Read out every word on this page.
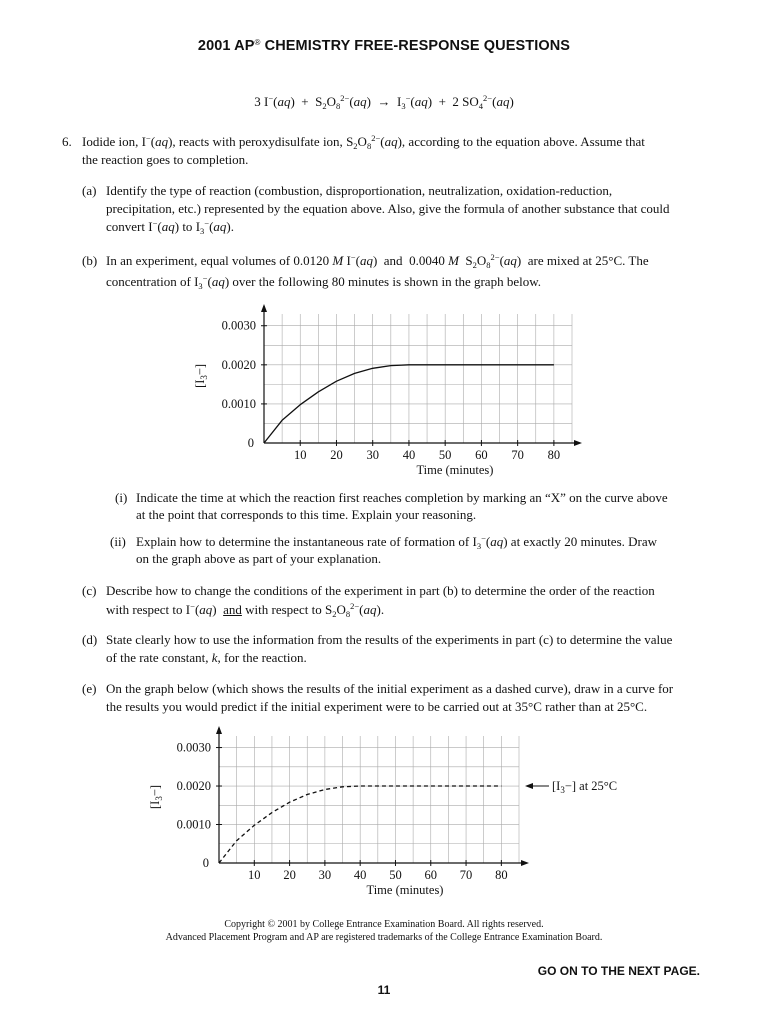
2001 AP® CHEMISTRY FREE-RESPONSE QUESTIONS
3 $I^-(aq) + S_2O_8^{2-}(aq) \to I_3^-(aq) + 2$ $SO_4^{2-}(aq)$
6. Iodide ion, I−(aq), reacts with peroxydisulfate ion, $S_2O_8^{2-}(aq)$, according to the equation above. Assume that
the reaction goes to completion.
(a) Identify the type of reaction (combustion, disproportionation, neutralization, oxidation-reduction,
precipitation, etc.) represented by the equation above. Also, give the formula of another substance that could
convert I−(aq) to $I_3^-(aq)$.
(b) In an experiment, equal volumes of 0.0120 M I−(aq)  and 0.0040 M $S_2O_8^{2-}(aq)$  are mixed at 25°C. The
concentration of $I_3^-(aq)$ over the following 80 minutes is shown in the graph below.
10 20 30 40 50 60 70 80
0.0010
0.0020
0.0030
0
Time (minutes)
$[I_3-]$
(i) Indicate the time at which the reaction first reaches completion by marking an “X” on the curve above
at the point that corresponds to this time. Explain your reasoning.
(ii) Explain how to determine the instantaneous rate of formation of $I_3^-(aq)$ at exactly 20 minutes. Draw
on the graph above as part of your explanation.
(c) Describe how to change the conditions of the experiment in part (b) to determine the order of the reaction
with respect to I−(aq)  and with respect to $S_2O_8^{2-}(aq)$.
(d) State clearly how to use the information from the results of the experiments in part (c) to determine the value
of the rate constant, k, for the reaction.
(e) On the graph below (which shows the results of the initial experiment as a dashed curve), draw in a curve for
the results you would predict if the initial experiment were to be carried out at 35°C rather than at 25°C.
10 20 30 40 50 60 70 80
0.0010
0.0020
0.0030
0
Time (minutes)
$[I_3-]$	$[I_3-]$ at 25°C
Copyright © 2001 by College Entrance Examination Board. All rights reserved.
Advanced Placement Program and AP are registered trademarks of the College Entrance Examination Board.
GO ON TO THE NEXT PAGE.
11
